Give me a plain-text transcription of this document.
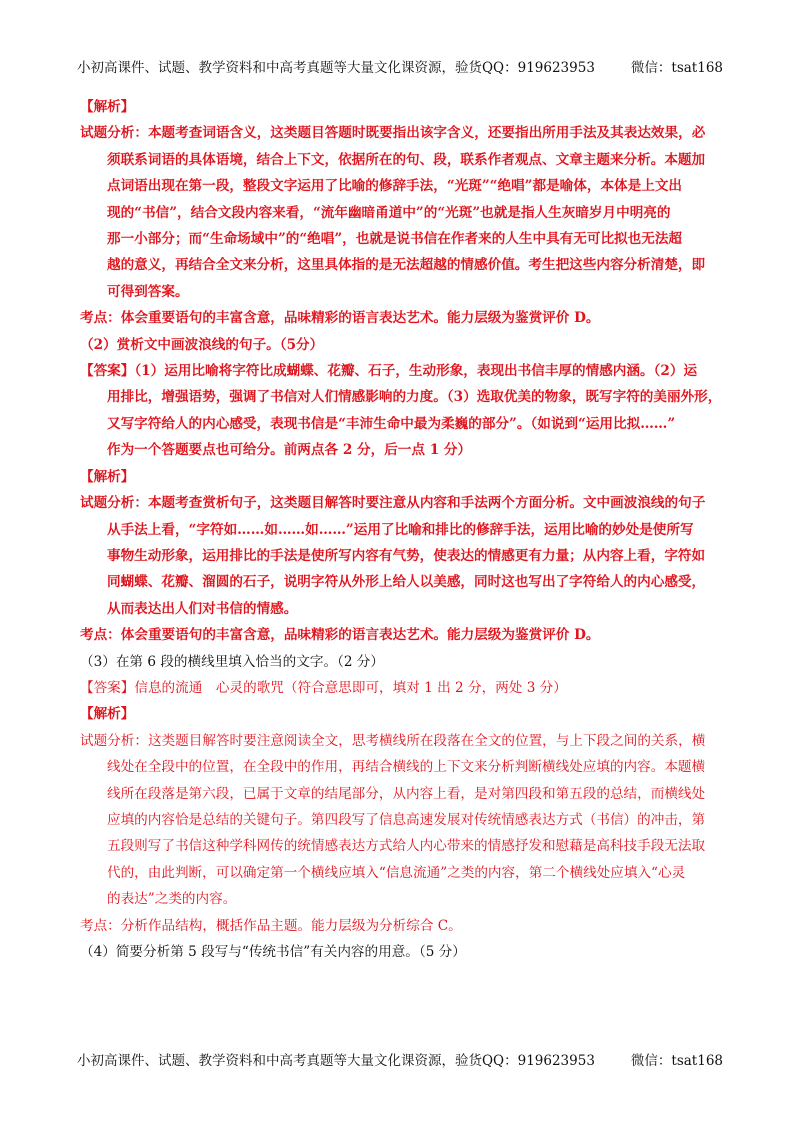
小初高课件、试题、教学资料和中高考真题等大量文化课资源，验货QQ：919623953	微信：tsat168
【解析】
试题分析：本题考查词语含义，这类题目答题时既要指出该字含义，还要指出所用手法及其表达效果，必
须联系词语的具体语境，结合上下文，依据所在的句、段，联系作者观点、文章主题来分析。本题加
点词语出现在第一段，整段文字运用了比喻的修辞手法，“光斑”“绝唱”都是喻体，本体是上文出
现的“书信”，结合文段内容来看，“流年幽暗甬道中”的“光斑”也就是指人生灰暗岁月中明亮的
那一小部分；而“生命场域中”的“绝唱”，也就是说书信在作者来的人生中具有无可比拟也无法超
越的意义，再结合全文来分析，这里具体指的是无法超越的情感价值。考生把这些内容分析清楚，即
可得到答案。
考点：体会重要语句的丰富含意，品味精彩的语言表达艺术。能力层级为鉴赏评价 D。
（2）赏析文中画波浪线的句子。（5分）
【答案】（1）运用比喻将字符比成蝴蝶、花瓣、石子，生动形象，表现出书信丰厚的情感内涵。（2）运
用排比，增强语势，强调了书信对人们情感影响的力度。（3）选取优美的物象，既写字符的美丽外形，
又写字符给人的内心感受，表现书信是“丰沛生命中最为柔巍的部分”。（如说到“运用比拟……”
作为一个答题要点也可给分。前两点各 2 分，后一点 1 分）
【解析】
试题分析：本题考查赏析句子，这类题目解答时要注意从内容和手法两个方面分析。文中画波浪线的句子
从手法上看，“字符如……如……如……”运用了比喻和排比的修辞手法，运用比喻的妙处是使所写
事物生动形象，运用排比的手法是使所写内容有气势，使表达的情感更有力量；从内容上看，字符如
同蝴蝶、花瓣、溜圆的石子，说明字符从外形上给人以美感，同时这也写出了字符给人的内心感受，
从而表达出人们对书信的情感。
考点：体会重要语句的丰富含意，品味精彩的语言表达艺术。能力层级为鉴赏评价 D。
（3）在第 6 段的横线里填入恰当的文字。（2 分）
【答案】信息的流通　心灵的歌咒（符合意思即可，填对 1 出 2 分，两处 3 分）
【解析】
试题分析：这类题目解答时要注意阅读全文，思考横线所在段落在全文的位置，与上下段之间的关系，横
线处在全段中的位置，在全段中的作用，再结合横线的上下文来分析判断横线处应填的内容。本题横
线所在段落是第六段，已属于文章的结尾部分，从内容上看，是对第四段和第五段的总结，而横线处
应填的内容恰是总结的关键句子。第四段写了信息高速发展对传统情感表达方式（书信）的冲击，第
五段则写了书信这种学科网传的统情感表达方式给人内心带来的情感抒发和慰藉是高科技手段无法取
代的，由此判断，可以确定第一个横线应填入“信息流通”之类的内容，第二个横线处应填入“心灵
的表达”之类的内容。
考点：分析作品结构，概括作品主题。能力层级为分析综合 C。
（4）简要分析第 5 段写与“传统书信”有关内容的用意。（5 分）
小初高课件、试题、教学资料和中高考真题等大量文化课资源，验货QQ：919623953	微信：tsat168
